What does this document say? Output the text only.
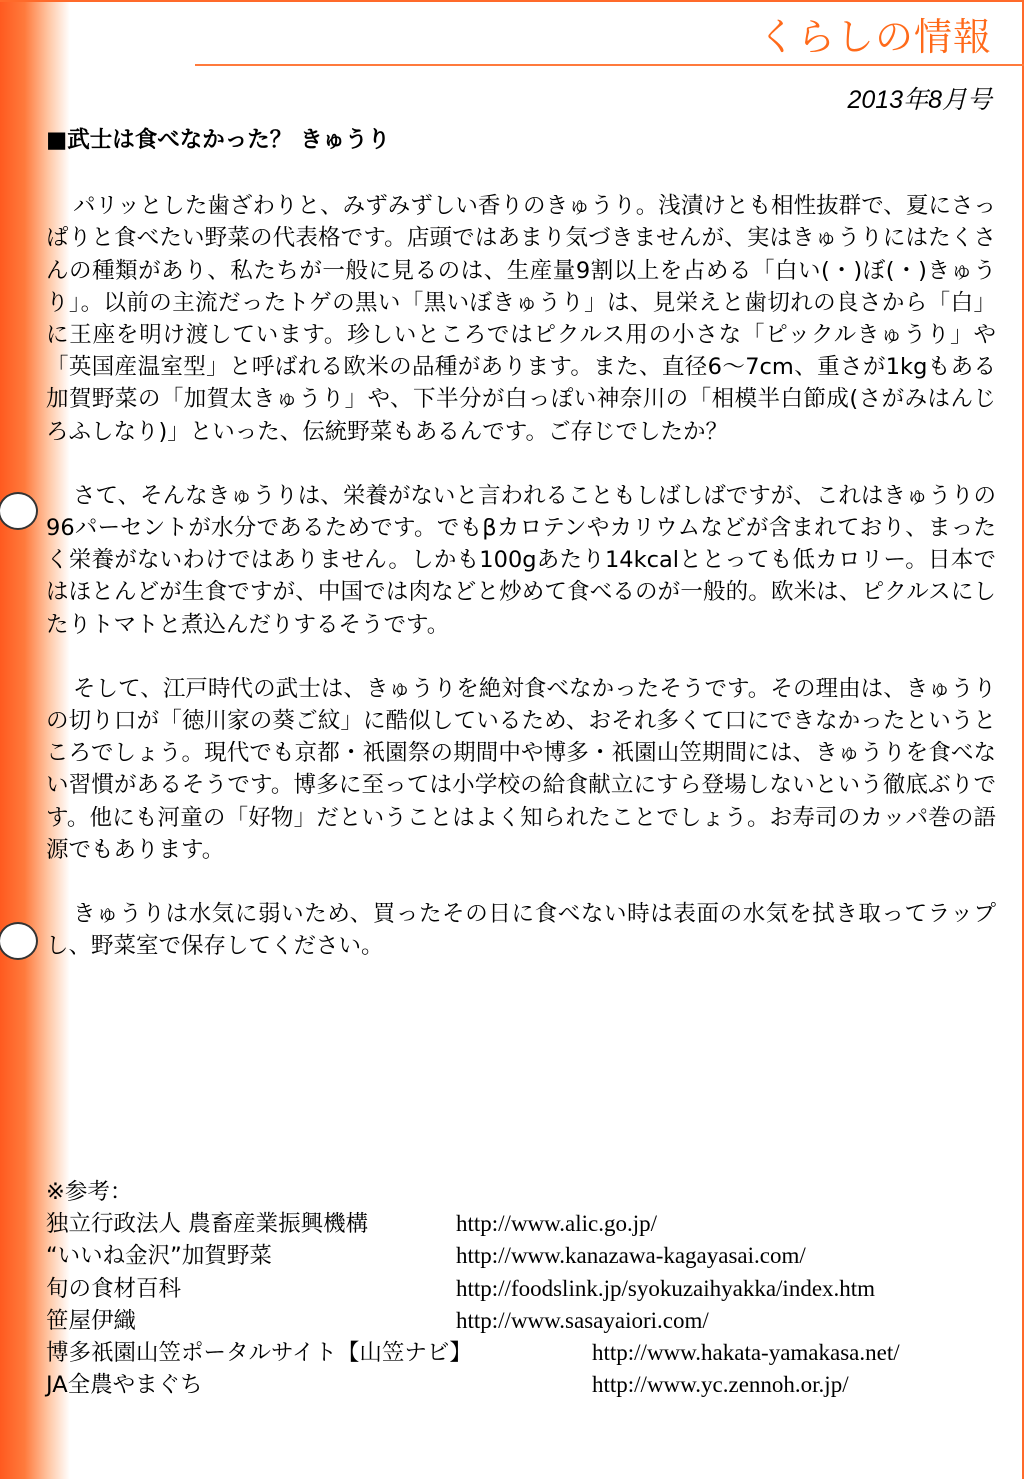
くらしの情報
2013年8月号
■武士は食べなかった？ きゅうり

パリッとした歯ざわりと、みずみずしい香りのきゅうり。浅漬けとも相性抜群で、夏にさっぱりと食べたい野菜の代表格です。店頭ではあまり気づきませんが、実はきゅうりにはたくさんの種類があり、私たちが一般に見るのは、生産量9割以上を占める「白い(・)ぼ(・)きゅうり」。以前の主流だったトゲの黒い「黒いぼきゅうり」は、見栄えと歯切れの良さから「白」に王座を明け渡しています。珍しいところではピクルス用の小さな「ピックルきゅうり」や「英国産温室型」と呼ばれる欧米の品種があります。また、直径6〜7cm、重さが1kgもある加賀野菜の「加賀太きゅうり」や、下半分が白っぽい神奈川の「相模半白節成(さがみはんじろふしなり)」といった、伝統野菜もあるんです。ご存じでしたか？

さて、そんなきゅうりは、栄養がないと言われることもしばしばですが、これはきゅうりの96パーセントが水分であるためです。でもβカロテンやカリウムなどが含まれており、まったく栄養がないわけではありません。しかも100gあたり14kcalととっても低カロリー。日本ではほとんどが生食ですが、中国では肉などと炒めて食べるのが一般的。欧米は、ピクルスにしたりトマトと煮込んだりするそうです。

そして、江戸時代の武士は、きゅうりを絶対食べなかったそうです。その理由は、きゅうりの切り口が「徳川家の葵ご紋」に酷似しているため、おそれ多くて口にできなかったというところでしょう。現代でも京都・祇園祭の期間中や博多・祇園山笠期間には、きゅうりを食べない習慣があるそうです。博多に至っては小学校の給食献立にすら登場しないという徹底ぶりです。他にも河童の「好物」だということはよく知られたことでしょう。お寿司のカッパ巻の語源でもあります。

きゅうりは水気に弱いため、買ったその日に食べない時は表面の水気を拭き取ってラップし、野菜室で保存してください。

※参考：
独立行政法人 農畜産業振興機構	http://www.alic.go.jp/
“いいね金沢”加賀野菜	http://www.kanazawa-kagayasai.com/
旬の食材百科	http://foodslink.jp/syokuzaihyakka/index.htm
笹屋伊織	http://www.sasayaiori.com/
博多祇園山笠ポータルサイト【山笠ナビ】	http://www.hakata-yamakasa.net/
JA全農やまぐち	http://www.yc.zennoh.or.jp/
